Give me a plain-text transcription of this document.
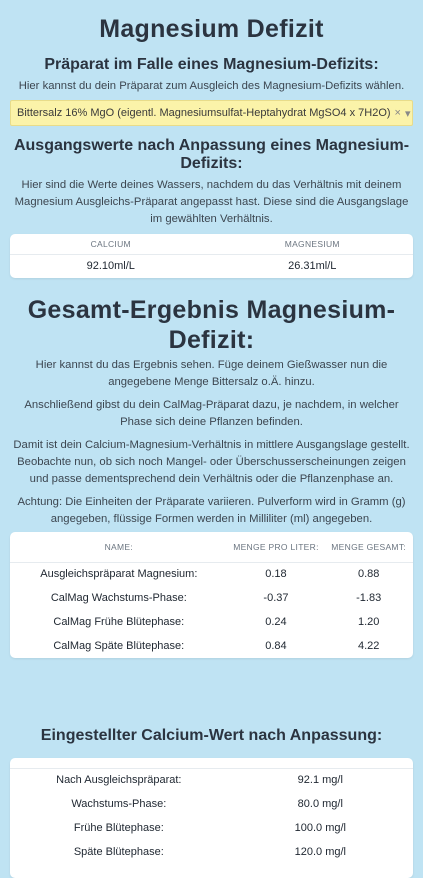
Magnesium Defizit
Präparat im Falle eines Magnesium-Defizits:

Hier kannst du dein Präparat zum Ausgleich des Magnesium-Defizits wählen.

Bittersalz 16% MgO (eigentl. Magnesiumsulfat-Heptahydrat MgSO4 x 7H2O) × ▾
Ausgangswerte nach Anpassung eines Magnesium-Defizits:

Hier sind die Werte deines Wassers, nachdem du das Verhältnis mit deinem Magnesium Ausgleichs-Präparat angepasst hast. Diese sind die Ausgangslage im gewählten Verhältnis.

CALCIUM	MAGNESIUM
92.10ml/L	26.31ml/L
Gesamt-Ergebnis Magnesium-Defizit:

Hier kannst du das Ergebnis sehen. Füge deinem Gießwasser nun die angegebene Menge Bittersalz o.Ä. hinzu.

Anschließend gibst du dein CalMag-Präparat dazu, je nachdem, in welcher Phase sich deine Pflanzen befinden.

Damit ist dein Calcium-Magnesium-Verhältnis in mittlere Ausgangslage gestellt. Beobachte nun, ob sich noch Mangel- oder Überschusserscheinungen zeigen und passe dementsprechend dein Verhältnis oder die Pflanzenphase an.

Achtung: Die Einheiten der Präparate variieren. Pulverform wird in Gramm (g) angegeben, flüssige Formen werden in Milliliter (ml) angegeben.

NAME:	MENGE PRO LITER:	MENGE GESAMT:
Ausgleichspräparat Magnesium:	0.18	0.88
CalMag Wachstums-Phase:	-0.37	-1.83
CalMag Frühe Blütephase:	0.24	1.20
CalMag Späte Blütephase:	0.84	4.22
Eingestellter Calcium-Wert nach Anpassung:

Nach Ausgleichspräparat:	92.1 mg/l
Wachstums-Phase:	80.0 mg/l
Frühe Blütephase:	100.0 mg/l
Späte Blütephase:	120.0 mg/l
